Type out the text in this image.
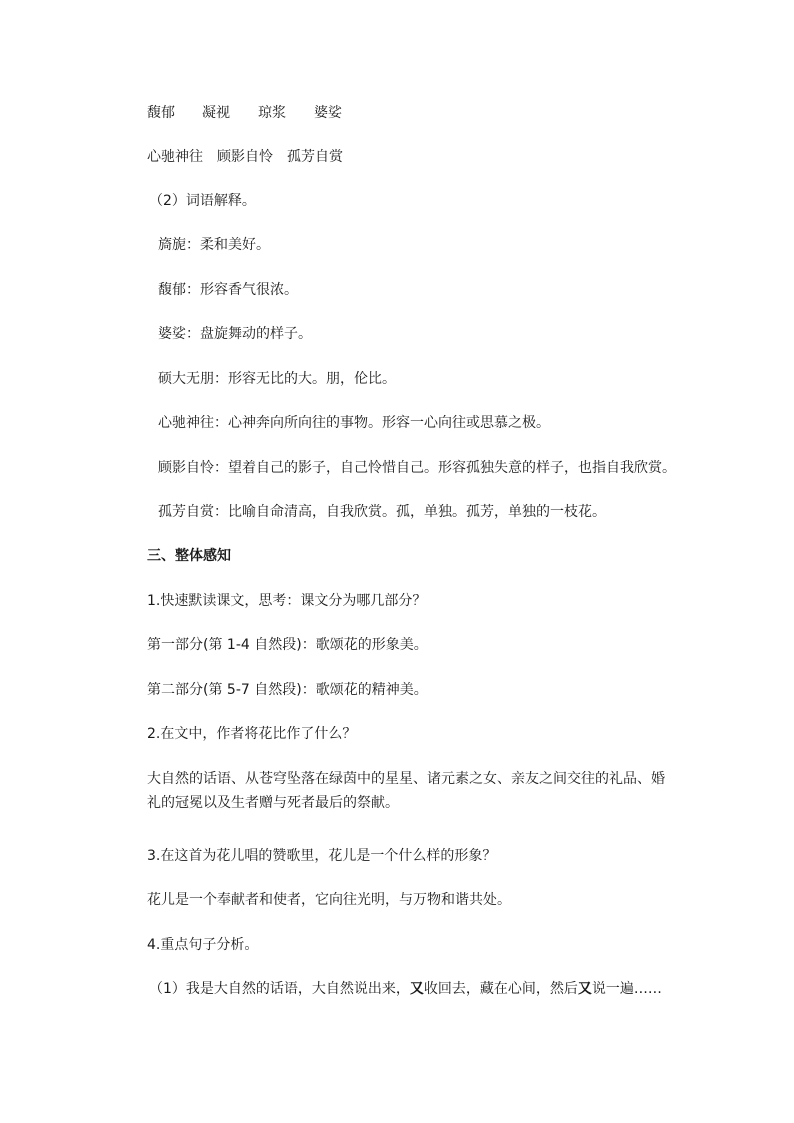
馥郁 凝视 琼浆 婆娑
心驰神往 顾影自怜 孤芳自赏
（2）词语解释。
旖旎：柔和美好。
馥郁：形容香气很浓。
婆娑：盘旋舞动的样子。
硕大无朋：形容无比的大。朋，伦比。
心驰神往：心神奔向所向往的事物。形容一心向往或思慕之极。
顾影自怜：望着自己的影子，自己怜惜自己。形容孤独失意的样子，也指自我欣赏。
孤芳自赏：比喻自命清高，自我欣赏。孤，单独。孤芳，单独的一枝花。
三、整体感知
1.快速默读课文，思考：课文分为哪几部分？
第一部分(第 1-4 自然段)：歌颂花的形象美。
第二部分(第 5-7 自然段)：歌颂花的精神美。
2.在文中，作者将花比作了什么？
大自然的话语、从苍穹坠落在绿茵中的星星、诸元素之女、亲友之间交往的礼品、婚礼的冠冕以及生者赠与死者最后的祭献。
3.在这首为花儿唱的赞歌里，花儿是一个什么样的形象？
花儿是一个奉献者和使者，它向往光明，与万物和谐共处。
4.重点句子分析。
（1）我是大自然的话语，大自然说出来，又收回去，藏在心间，然后又说一遍……
